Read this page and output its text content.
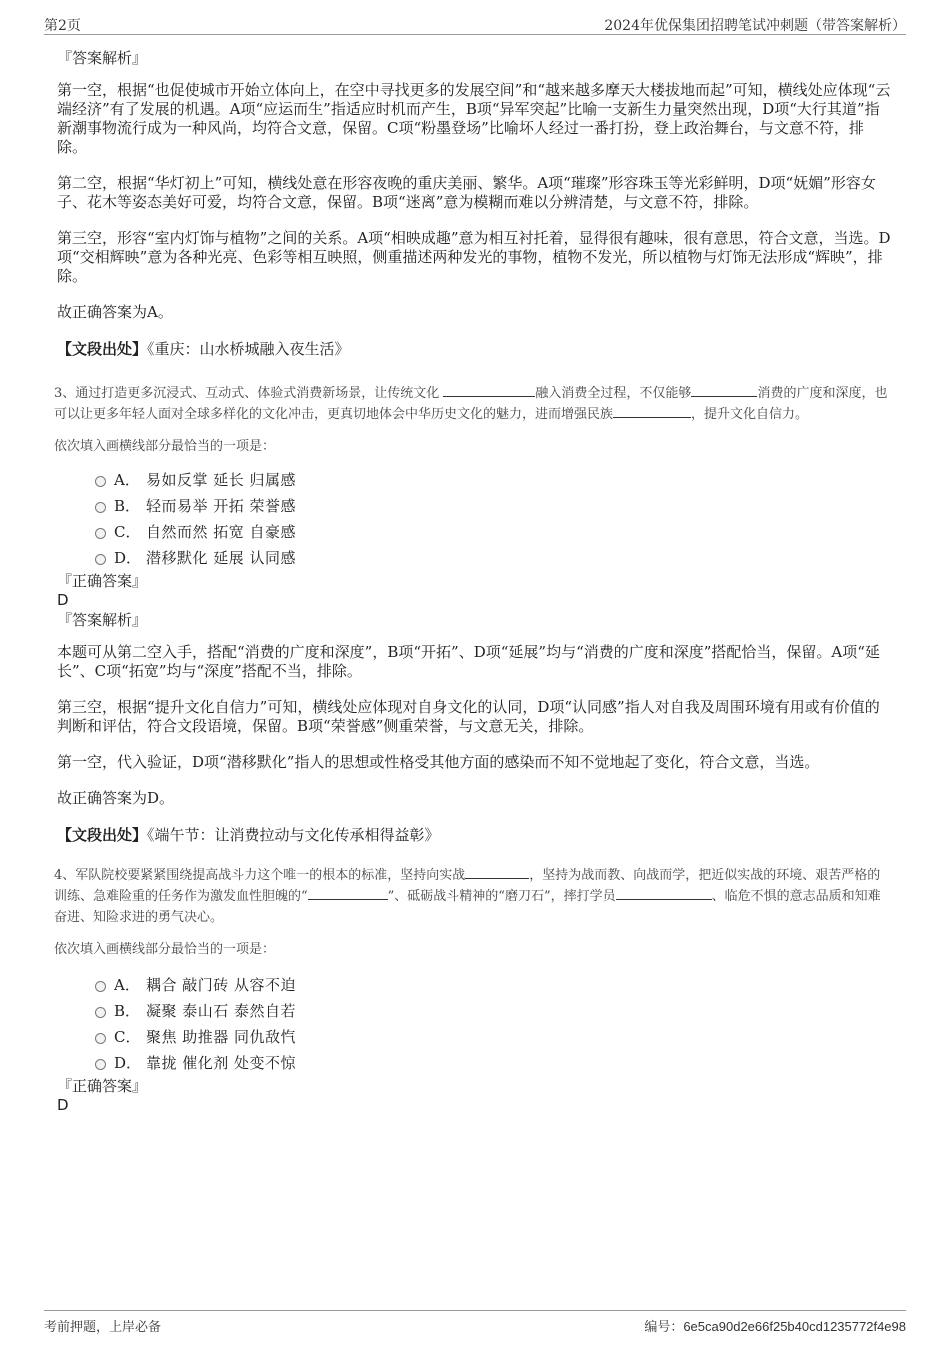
第2页	2024年优保集团招聘笔试冲刺题（带答案解析）

『答案解析』

第一空，根据“也促使城市开始立体向上，在空中寻找更多的发展空间”和“越来越多摩天大楼拔地而起”可知，横线处应体现“云端经济”有了发展的机遇。A项“应运而生”指适应时机而产生，B项“异军突起”比喻一支新生力量突然出现，D项“大行其道”指新潮事物流行成为一种风尚，均符合文意，保留。C项“粉墨登场”比喻坏人经过一番打扮，登上政治舞台，与文意不符，排除。

第二空，根据“华灯初上”可知，横线处意在形容夜晚的重庆美丽、繁华。A项“璀璨”形容珠玉等光彩鲜明，D项“妩媚”形容女子、花木等姿态美好可爱，均符合文意，保留。B项“迷离”意为模糊而难以分辨清楚，与文意不符，排除。

第三空，形容“室内灯饰与植物”之间的关系。A项“相映成趣”意为相互衬托着，显得很有趣味，很有意思，符合文意，当选。D项“交相辉映”意为各种光亮、色彩等相互映照，侧重描述两种发光的事物，植物不发光，所以植物与灯饰无法形成“辉映”，排除。

故正确答案为A。

【文段出处】《重庆：山水桥城融入夜生活》

3、通过打造更多沉浸式、互动式、体验式消费新场景，让传统文化	融入消费全过程，不仅能够	消费的广度和深度，也可以让更多年轻人面对全球多样化的文化冲击，更真切地体会中华历史文化的魅力，进而增强民族	，提升文化自信力。

依次填入画横线部分最恰当的一项是：

A． 易如反掌 延长 归属感
B． 轻而易举 开拓 荣誉感
C． 自然而然 拓宽 自豪感
D． 潜移默化 延展 认同感

『正确答案』

D

『答案解析』

本题可从第二空入手，搭配“消费的广度和深度”，B项“开拓”、D项“延展”均与“消费的广度和深度”搭配恰当，保留。A项“延长”、C项“拓宽”均与“深度”搭配不当，排除。

第三空，根据“提升文化自信力”可知，横线处应体现对自身文化的认同，D项“认同感”指人对自我及周围环境有用或有价值的判断和评估，符合文段语境，保留。B项“荣誉感”侧重荣誉，与文意无关，排除。

第一空，代入验证，D项“潜移默化”指人的思想或性格受其他方面的感染而不知不觉地起了变化，符合文意，当选。

故正确答案为D。

【文段出处】《端午节：让消费拉动与文化传承相得益彰》

4、军队院校要紧紧围绕提高战斗力这个唯一的根本的标准，坚持向实战	，坚持为战而教、向战而学，把近似实战的环境、艰苦严格的训练、急难险重的任务作为激发血性胆魄的“	”、砥砺战斗精神的“磨刀石”，摔打学员	、临危不惧的意志品质和知难奋进、知险求进的勇气决心。

依次填入画横线部分最恰当的一项是：

A． 耦合 敲门砖 从容不迫
B． 凝聚 泰山石 泰然自若
C． 聚焦 助推器 同仇敌忾
D． 靠拢 催化剂 处变不惊

『正确答案』

D

考前押题，上岸必备	编号：6e5ca90d2e66f25b40cd1235772f4e98
